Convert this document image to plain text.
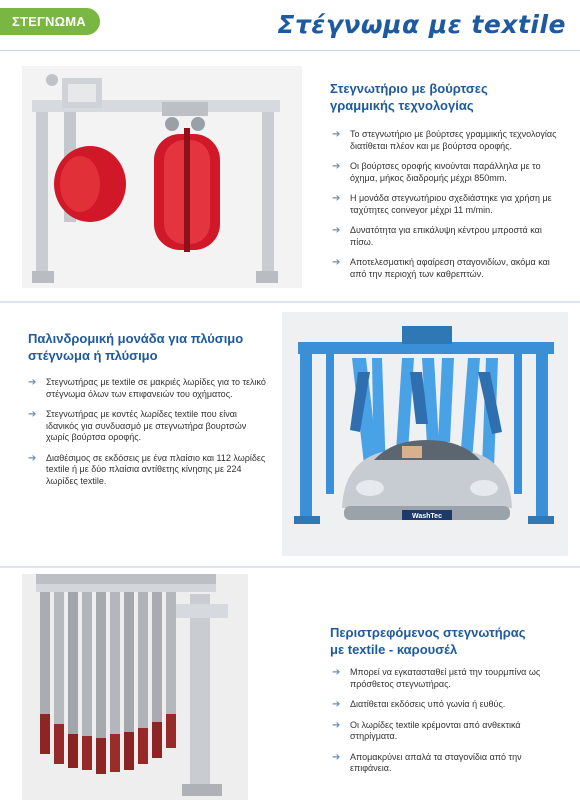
ΣΤΕΓΝΩΜΑ	Στέγνωμα με textile
Στεγνωτήριο με βούρτσες
γραμμικής τεχνολογίας
➔ Το στεγνωτήριο με βούρτσες γραμμικής τεχνολογίας διατίθεται πλέον και με βούρτσα οροφής.
➔ Οι βούρτσες οροφής κινούνται παράλληλα με το όχημα, μήκος διαδρομής μέχρι 850mm.
➔ Η μονάδα στεγνωτήριου σχεδιάστηκε για χρήση με ταχύτητες conveyor μέχρι 11 m/min.
➔ Δυνατότητα για επικάλυψη κέντρου μπροστά και πίσω.
➔ Αποτελεσματική αφαίρεση σταγονιδίων, ακόμα και από την περιοχή των καθρεπτών.
Παλινδρομική μονάδα για πλύσιμο
στέγνωμα ή πλύσιμο
➔ Στεγνωτήρας με textile σε μακριές λωρίδες για το τελικό στέγνωμα όλων των επιφανειών του οχήματος.
➔ Στεγνωτήρας με κοντές λωρίδες textile που είναι ιδανικός για συνδυασμό με στεγνωτήρα βουρτσών χωρίς βούρτσα οροφής.
➔ Διαθέσιμος σε εκδόσεις με ένα πλαίσιο και 112 λωρίδες textile ή με δύο πλαίσια αντίθετης κίνησης με 224 λωρίδες textile.
WashTec
Περιστρεφόμενος στεγνωτήρας
με textile - καρουσέλ
➔ Μπορεί να εγκατασταθεί μετά την τουρμπίνα ως πρόσθετος στεγνωτήρας.
➔ Διατίθεται εκδόσεις υπό γωνία ή ευθύς.
➔ Οι λωρίδες textile κρέμονται από ανθεκτικά στηρίγματα.
➔ Απομακρύνει απαλά τα σταγονίδια από την επιφάνεια.
